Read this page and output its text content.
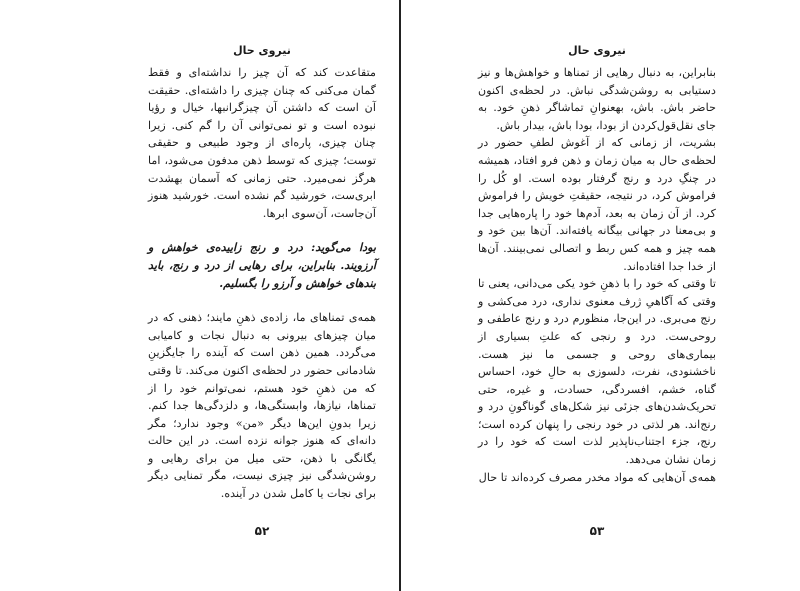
نیروی حال

متقاعدت کند که آن چیز را نداشته‌ای و فقط گمان می‌کنی که چنان چیزی را داشته‌ای. حقیقت آن است که داشتن آن چیزگرانبها، خیال و رؤیا نبوده است و تو نمی‌توانی آن را گم کنی. زیرا چنان چیزی، پاره‌ای از وجود طبیعی و حقیقی توست؛ چیزی که توسط ذهن مدفون می‌شود، اما هرگز نمی‌میرد. حتی زمانی که آسمان بهشدت ابری‌ست، خورشید گم نشده است. خورشید هنوز آن‌جاست، آن‌سوی ابرها.

بودا می‌گوید: درد و رنج زاییده‌ی خواهش و آرزویند. بنابراین، برای رهایی از درد و رنج، باید بندهای خواهش و آرزو را بگسلیم.

همه‌ی تمناهای ما، زاده‌ی ذهنِ مایند؛ ذهنی که در میان چیزهای بیرونی به دنبال نجات و کامیابی می‌گردد. همین ذهن است که آینده را جایگزینِ شادمانی حضور در لحظه‌ی اکنون می‌کند. تا وقتی که من ذهنِ خود هستم، نمی‌توانم خود را از تمناها، نیازها، وابستگی‌ها، و دلزدگی‌ها جدا کنم. زیرا بدونِ این‌ها دیگر «من» وجود ندارد؛ مگر دانه‌ای که هنوز جوانه نزده است. در این حالت یگانگی با ذهن، حتی میل من برای رهایی و روشن‌شدگی نیز چیزی نیست، مگر تمنایی دیگر برای نجات یا کامل شدن در آینده.

۵۲
نیروی حال

بنابراین، به دنبال رهایی از تمناها و خواهش‌ها و نیز دستیابی به روشن‌شدگی نباش. در لحظه‌ی اکنون حاضر باش. باش، بهعنوانِ تماشاگر ذهنِ خود. به جای نقل‌قول‌کردن از بودا، بودا باش، بیدار باش.

بشریت، از زمانی که از آغوش لطفِ حضور در لحظه‌ی حال به میان زمان و ذهن فرو افتاد، همیشه در چنگِ درد و رنج گرفتار بوده است. او کُل را فراموش کرد، در نتیجه، حقیقتِ خویش را فراموش کرد. از آن زمان به بعد، آدم‌ها خود را پاره‌هایی جدا و بی‌معنا در جهانی بیگانه یافته‌اند. آن‌ها بین خود و همه چیز و همه کس ربط و اتصالی نمی‌بینند. آن‌ها از خدا جدا افتاده‌اند.

تا وقتی که خود را با ذهنِ خود یکی می‌دانی، یعنی تا وقتی که آگاهیِ ژرف معنوی نداری، درد می‌کشی و رنج می‌بری. در این‌جا، منظورم درد و رنج عاطفی و روحی‌ست. درد و رنجی که علتِ بسیاری از بیماری‌های روحی و جسمی ما نیز هست. ناخشنودی، نفرت، دلسوزی به حالِ خود، احساس گناه، خشم، افسردگی، حسادت، و غیره، حتی تحریک‌شدن‌های جزئی نیز شکل‌های گوناگونِ درد و رنج‌اند. هر لذتی در خود رنجی را پنهان کرده است؛ رنج، جزء اجتناب‌ناپذیر لذت است که خود را در زمان نشان می‌دهد.

همه‌ی آن‌هایی که مواد مخدر مصرف کرده‌اند تا حال

۵۳
